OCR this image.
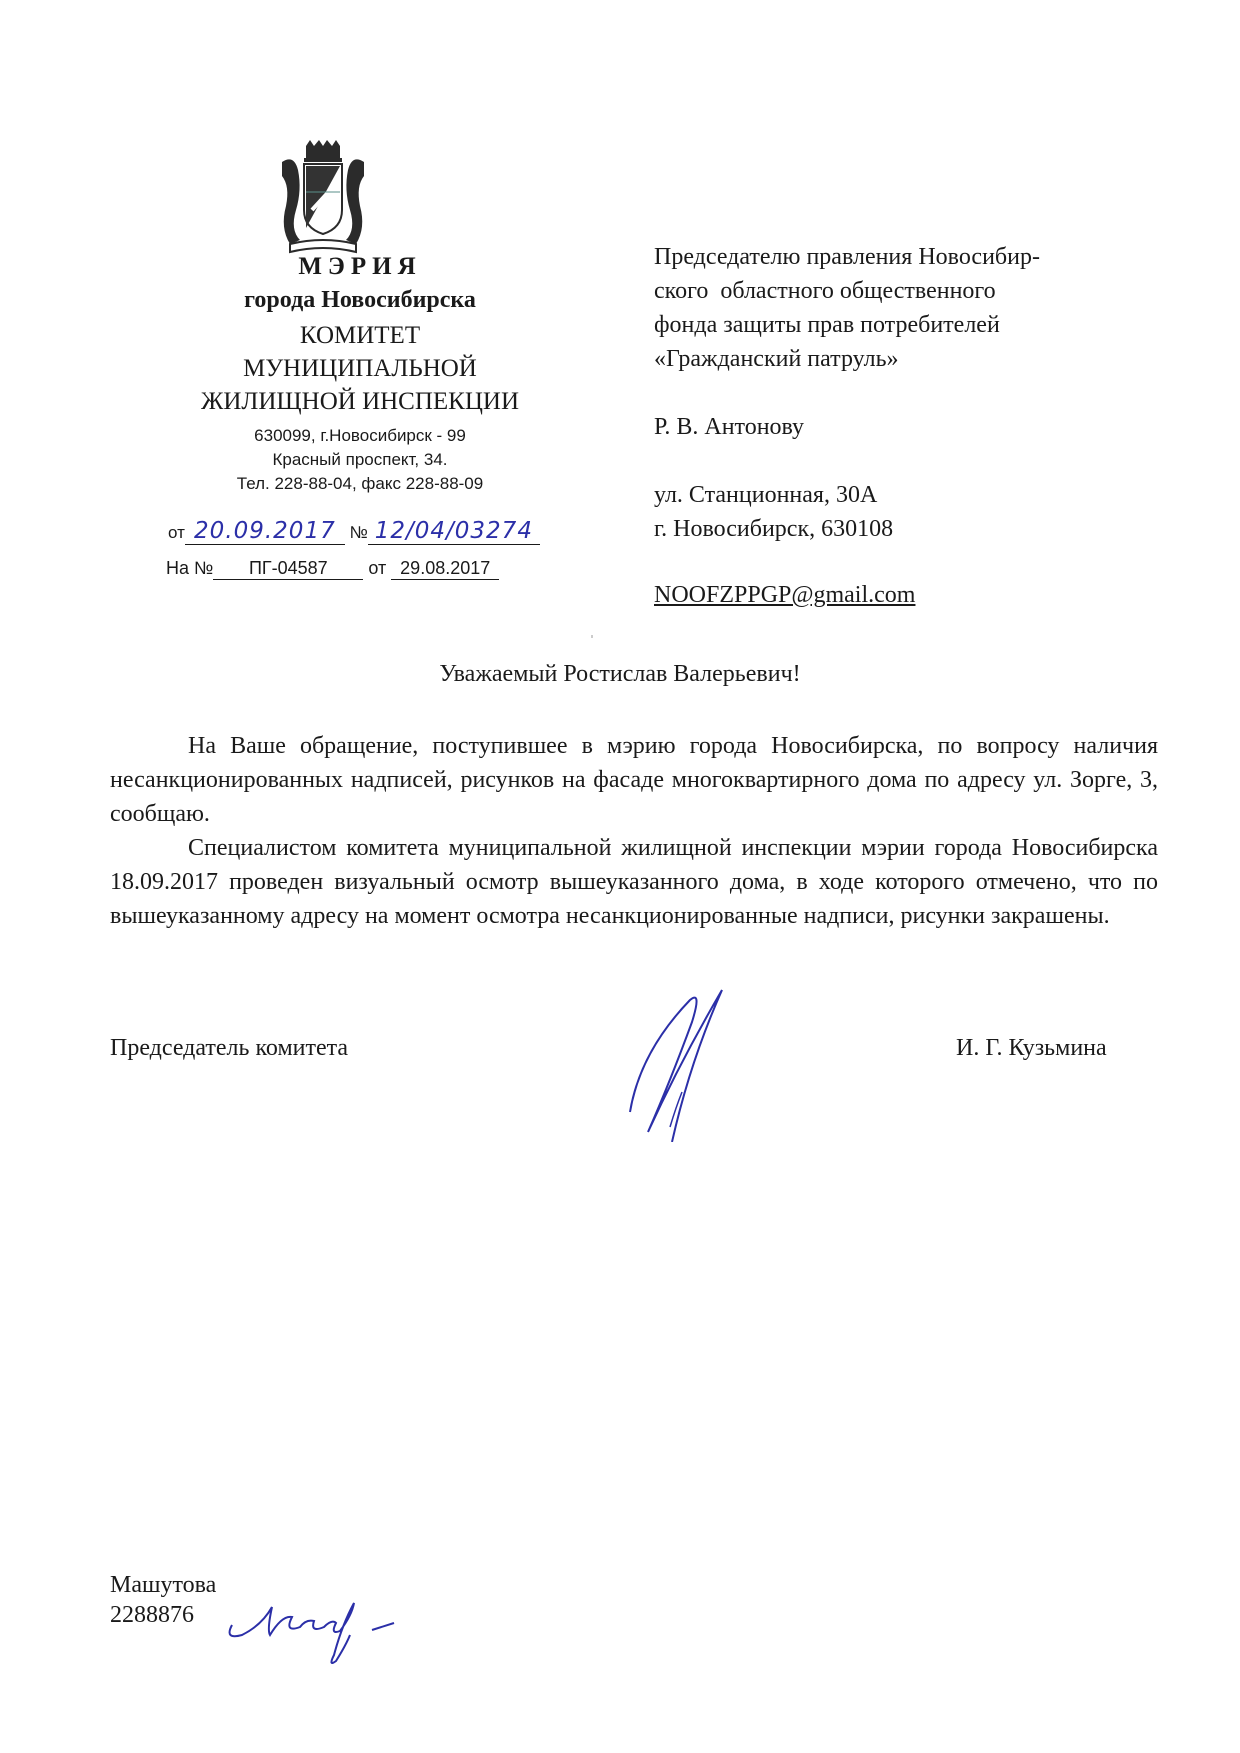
МЭРИЯ
города Новосибирска
КОМИТЕТ
МУНИЦИПАЛЬНОЙ
ЖИЛИЩНОЙ ИНСПЕКЦИИ
630099, г.Новосибирск - 99
Красный проспект, 34.
Тел. 228-88-04, факс 228-88-09
от 20.09.2017 № 12/04/03274
На № ПГ-04587 от 29.08.2017
Председателю правления Новосибир-
ского  областного общественного
фонда защиты прав потребителей
«Гражданский патруль»
Р. В. Антонову
ул. Станционная, 30А
г. Новосибирск, 630108
NOOFZPPGP@gmail.com
Уважаемый Ростислав Валерьевич!
На Ваше обращение, поступившее в мэрию города Новосибирска, по вопросу наличия несанкционированных надписей, рисунков на фасаде многоквартирного дома по адресу ул. Зорге, 3, сообщаю.
Специалистом комитета муниципальной жилищной инспекции мэрии города Новосибирска 18.09.2017 проведен визуальный осмотр вышеуказанного дома, в ходе которого отмечено, что по вышеуказанному адресу на момент осмотра несанкционированные надписи, рисунки закрашены.
Председатель комитета	И. Г. Кузьмина
Машутова
2288876
